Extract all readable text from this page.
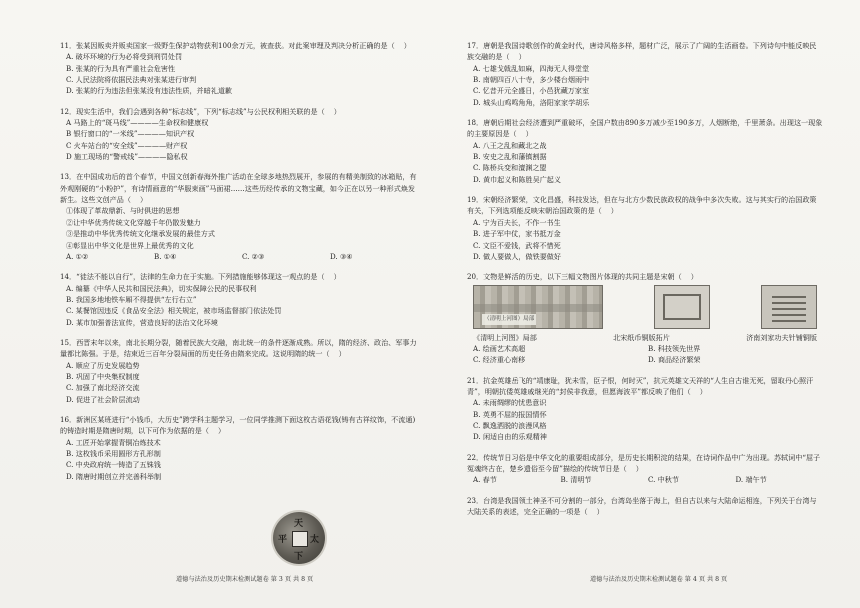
11．张某因贩卖并贩卖国家一级野生保护动物获利100余万元，被查获。对此案审理及判决分析正确的是（    ）
A. 破坏环境的行为必将受到刑罚处罚
B. 张某的行为具有严重社会危害性
C. 人民法院将依据民法典对张某进行审判
D. 张某的行为违法但张某没有违法性质，并暗礼道歉
12．现实生活中，我们会遇到各种“标志线”，下列“标志线”与公民权利相关联的是（    ）
A 马路上的“斑马线”————生命权和健康权
B 银行窗口的“一米线”————知识产权
C 火车站台的“安全线”————财产权
D 施工现场的“警戒线”————隐私权
13．在中国成功后的首个春节，中国文创新春海外推广活动在全球多地热烈展开，参展的有精美制致的冰箱贴，有外观刚硬的“小粉护”，有诗情画意的“华服束画”马面裙……这些历经传承的文物宝藏，如今正在以另一种形式焕发新生。这些文创产品（    ）
①体现了革故鼎新、与时俱进的思想
②让中华优秀传统文化穿越千年仍散发魅力
③是推动中华优秀传统文化继承发展的最佳方式
④彰显出中华文化是世界上最优秀的文化
A. ①②	B. ①④	C. ②③	D. ③④
14．“徒法不能以自行”，法律的生命力在于实施。下列措施能够体现这一观点的是（    ）
A. 编纂《中华人民共和国民法典》，切实保障公民的民事权利
B. 我国多地地铁车厢不得提供“左行右立”
C. 某餐馆因违反《食品安全法》相关规定，被市场监督部门依法处罚
D. 某市加强普法宣传，营造良好的法治文化环境
15．西晋末年以来，南北长期分裂，随着民族大交融，南北统一的条件逐渐成熟。所以，隋的经济、政治、军事力量都比陈强。于是，结束近三百年分裂局面的历史任务由隋来完成。这说明隋的统一（    ）
A. 顺应了历史发展趋势
B. 巩固了中央集权制度
C. 加强了南北经济交流
D. 促进了社会阶层流动
16．新洲区某班进行“小钱币，大历史”跨学科主题学习，一位同学推测下面这枚古语花钱(铸有古祥纹饰，不流通)的铸造时期是隋唐时期，以下可作为依据的是（    ）
A. 工匠开始掌握青铜冶炼技术
B. 这枚钱币采用圆形方孔形制
C. 中央政府统一铸造了五铢钱
D. 隋唐时期创立并完善科举制
天
下
太
平
17．唐朝是我国诗歌创作的黄金时代，唐诗风格多样，题材广泛，展示了广阔的生活画卷。下列诗句中能反映民族交融的是（    ）
A. 七雄戈戟乱如麻，四海无人得堂堂
B. 南朝四百八十寺，多少楼台烟雨中
C. 忆昔开元全盛日，小邑犹藏万家室
D. 城头山鸡鸣角角，洛阳家家学胡乐
18．唐朝后期社会经济遭到严重破坏，全国户数由890多万减少至190多万，人烟断绝，千里萧条。出现这一现象的主要原因是（    ）
A. 八王之乱和藏北之战
B. 安史之乱和藩镇割据
C. 陈桥兵变和澶渊之盟
D. 黄巾起义和陈胜吴广起义
19．宋朝经济繁荣，文化昌盛，科技发达，但在与北方少数民族政权的战争中多次失败。这与其实行的治国政策有关，下列选项能反映宋朝治国政策的是（    ）
A. 宁为百夫长，不作一书生
B. 进子军中仗，家书抵万金
C. 文臣不爱钱，武将不惜死
D. 做人要做人，做铁要做好
20．文物是鲜活的历史，以下三幅文物图片体现的共同主题是宋朝（    ）
（清明上河图）局部
《清明上河图》局部	北宋纸币铜版拓片	济南刘家功夫针铺铜版
A. 绘画艺术高超	B. 科技领先世界
C. 经济重心南移	D. 商品经济繁荣
21．抗金英雄岳飞的“靖康耻，犹未雪，臣子恨，何时灭”，抗元英雄文天祥的“人生自古谁无死，留取丹心照汗青”，明朝抗倭英雄戚继光的“封侯非我意，但愿海波平”都反映了他们（    ）
A. 未雨绸缪的忧患意识
B. 英勇不屈的报国情怀
C. 飘逸洒脱的浪漫风格
D. 闲适自由的乐观精神
22．传统节日习俗是中华文化的重要组成部分，是历史长期积淀的结果，在诗词作品中广为出现。苏轼词中“屈子冤魂终古在，楚乡遗俗至今留”描绘的传统节日是（    ）
A. 春节	B. 清明节	C. 中秋节	D. 端午节
23．台湾是我国领土神圣不可分割的一部分，台湾岛坐落于海上，但自古以来与大陆命运相连，下列关于台湾与大陆关系的表述，完全正确的一项是（    ）
道德与法治及历史期末检测试题卷 第 3 页 共 8 页	道德与法治及历史期末检测试题卷 第 4 页 共 8 页
